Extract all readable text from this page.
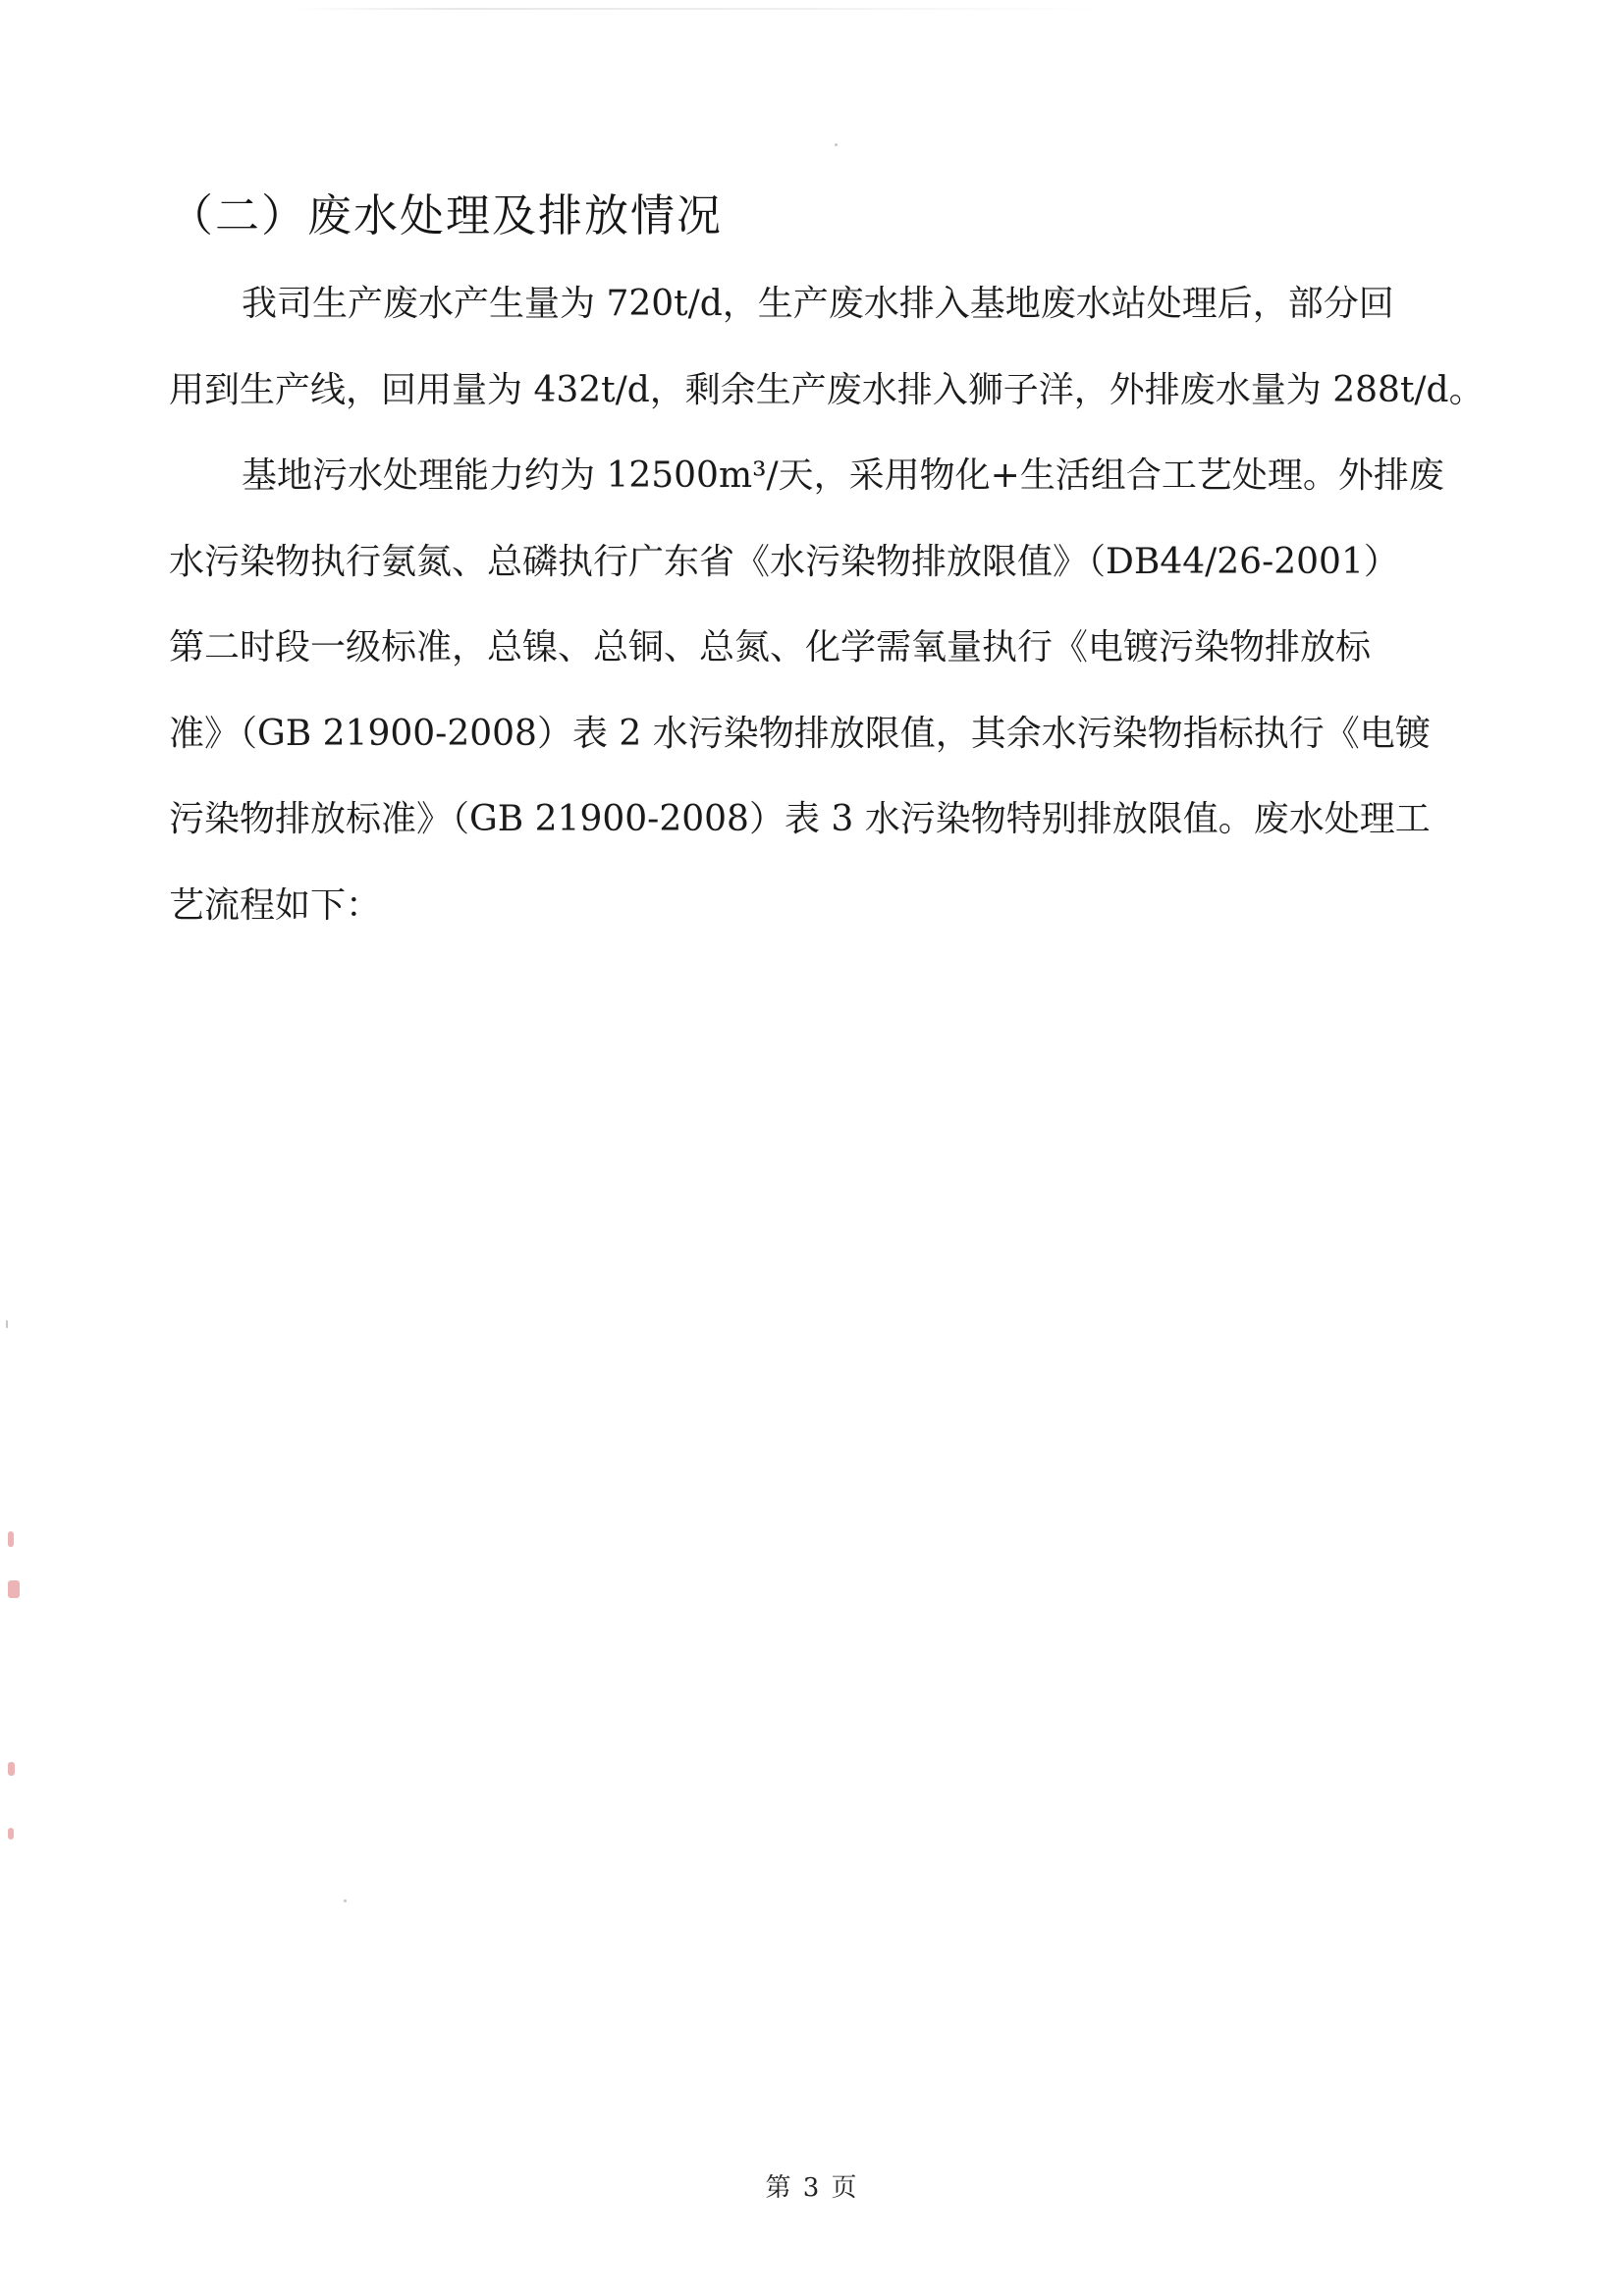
（二）废水处理及排放情况

我司生产废水产生量为 720t/d，生产废水排入基地废水站处理后，部分回
用到生产线，回用量为 432t/d，剩余生产废水排入狮子洋，外排废水量为 288t/d。

基地污水处理能力约为 12500m³/天，采用物化+生活组合工艺处理。外排废
水污染物执行氨氮、总磷执行广东省《水污染物排放限值》（DB44/26-2001）
第二时段一级标准，总镍、总铜、总氮、化学需氧量执行《电镀污染物排放标
准》（GB 21900-2008）表 2 水污染物排放限值，其余水污染物指标执行《电镀
污染物排放标准》（GB 21900-2008）表 3 水污染物特别排放限值。废水处理工
艺流程如下：

第 3 页
